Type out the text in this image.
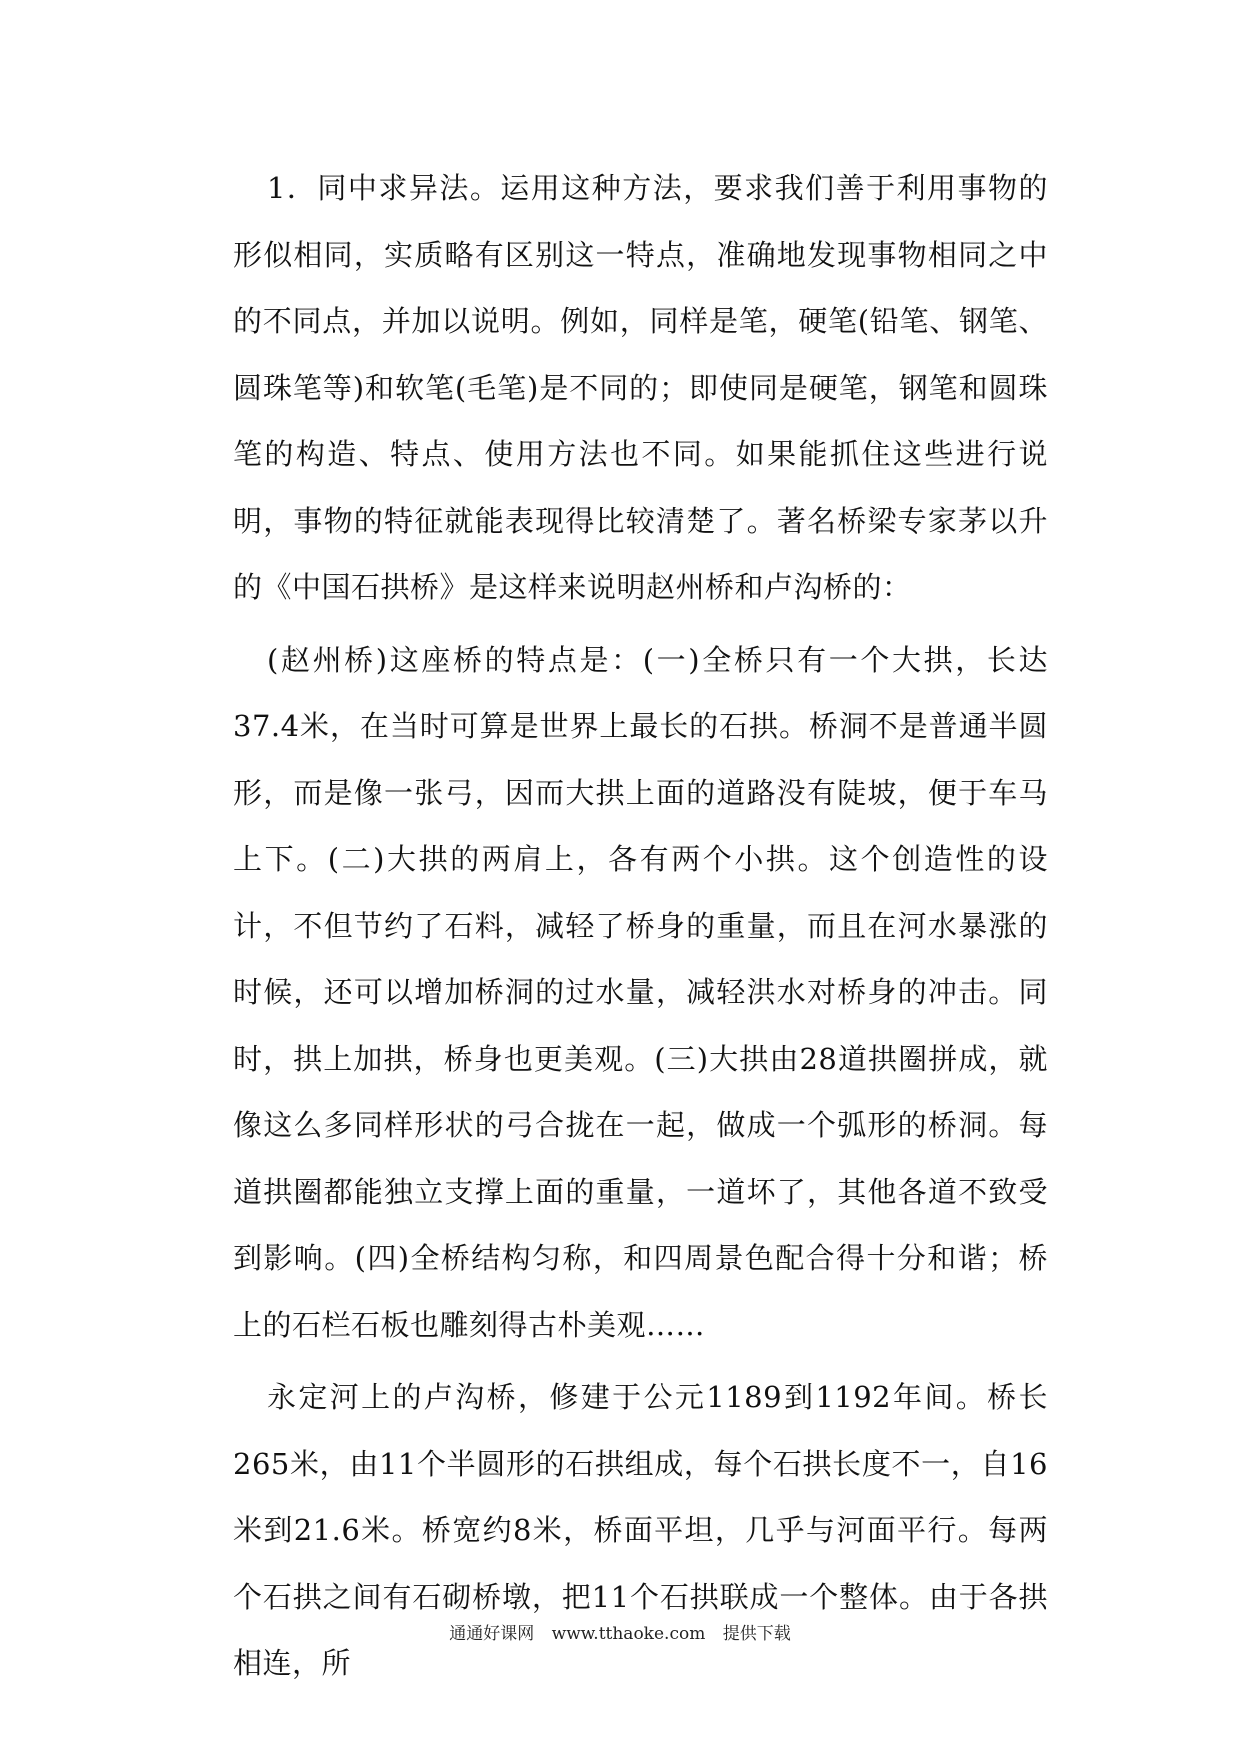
1．同中求异法。运用这种方法，要求我们善于利用事物的形似相同，实质略有区别这一特点，准确地发现事物相同之中的不同点，并加以说明。例如，同样是笔，硬笔(铅笔、钢笔、圆珠笔等)和软笔(毛笔)是不同的；即使同是硬笔，钢笔和圆珠笔的构造、特点、使用方法也不同。如果能抓住这些进行说明，事物的特征就能表现得比较清楚了。著名桥梁专家茅以升的《中国石拱桥》是这样来说明赵州桥和卢沟桥的：

(赵州桥)这座桥的特点是：(一)全桥只有一个大拱，长达37.4米，在当时可算是世界上最长的石拱。桥洞不是普通半圆形，而是像一张弓，因而大拱上面的道路没有陡坡，便于车马上下。(二)大拱的两肩上，各有两个小拱。这个创造性的设计，不但节约了石料，减轻了桥身的重量，而且在河水暴涨的时候，还可以增加桥洞的过水量，减轻洪水对桥身的冲击。同时，拱上加拱，桥身也更美观。(三)大拱由28道拱圈拼成，就像这么多同样形状的弓合拢在一起，做成一个弧形的桥洞。每道拱圈都能独立支撑上面的重量，一道坏了，其他各道不致受到影响。(四)全桥结构匀称，和四周景色配合得十分和谐；桥上的石栏石板也雕刻得古朴美观……

永定河上的卢沟桥，修建于公元1189到1192年间。桥长265米，由11个半圆形的石拱组成，每个石拱长度不一，自16米到21.6米。桥宽约8米，桥面平坦，几乎与河面平行。每两个石拱之间有石砌桥墩，把11个石拱联成一个整体。由于各拱相连，所

通通好课网 www.tthaoke.com 提供下载
